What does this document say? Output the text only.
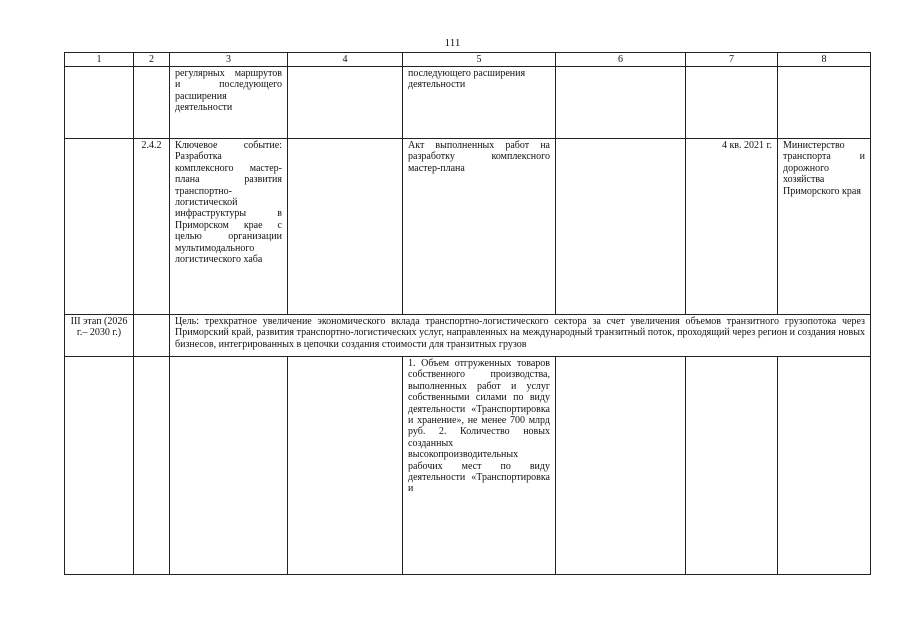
111
1	2	3	4	5	6	7	8
		регулярных маршрутов и последующего расширения деятельности		последующего расширения деятельности			
	2.4.2	Ключевое событие: Разработка комплексного мастер-плана развития транспортно-логистической инфраструктуры в Приморском крае с целью организации мультимодального логистического хаба		Акт выполненных работ на разработку комплексного мастер-плана		4 кв. 2021 г.	Министерство транспорта и дорожного хозяйства Приморского края
III этап (2026 г.– 2030 г.)		Цель: трехкратное увеличение экономического вклада транспортно-логистического сектора за счет увеличения объемов транзитного грузопотока через Приморский край, развития транспортно-логистических услуг, направленных на международный транзитный поток, проходящий через регион и создания новых бизнесов, интегрированных в цепочки создания стоимости для транзитных грузов					
				1. Объем отгруженных товаров собственного производства, выполненных работ и услуг собственными силами по виду деятельности «Транспортировка и хранение», не менее 700 млрд руб. 2. Количество новых созданных высокопроизводительных рабочих мест по виду деятельности «Транспортировка и			
